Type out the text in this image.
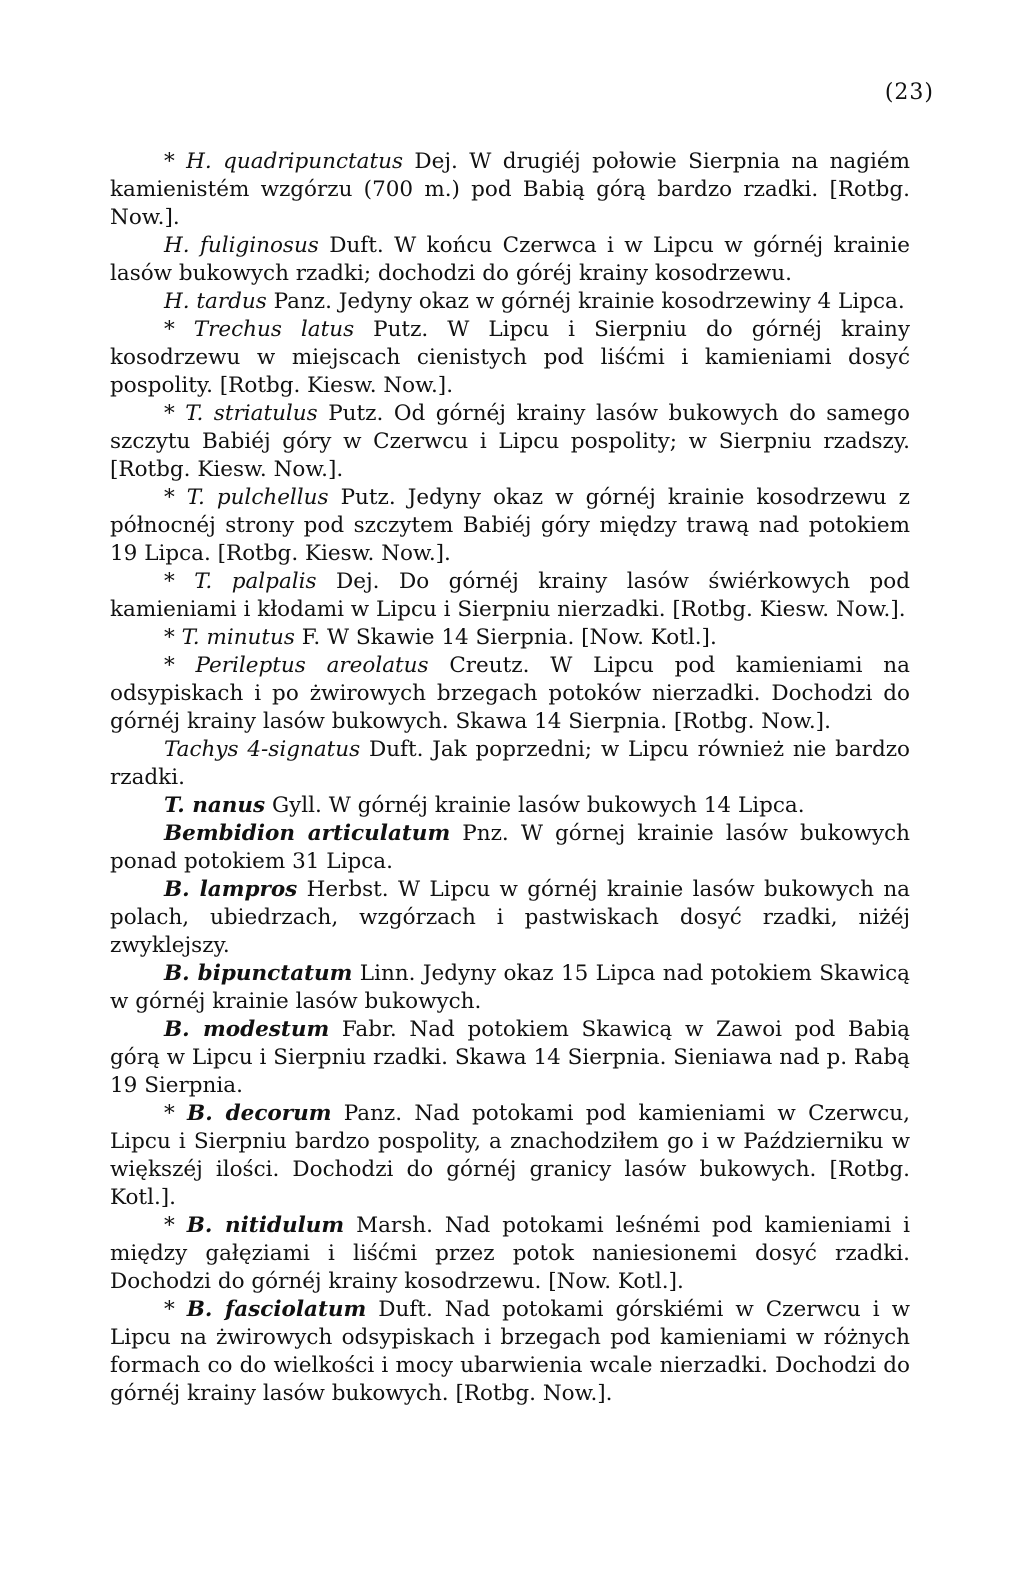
(23)

* H. quadripunctatus Dej. W drugiéj połowie Sierpnia na nagiém kamienistém wzgórzu (700 m.) pod Babią górą bardzo rzadki. [Rotbg. Now.].

H. fuliginosus Duft. W końcu Czerwca i w Lipcu w górnéj krainie lasów bukowych rzadki; dochodzi do góréj krainy kosodrzewu.

H. tardus Panz. Jedyny okaz w górnéj krainie kosodrzewiny 4 Lipca.

* Trechus latus Putz. W Lipcu i Sierpniu do górnéj krainy kosodrzewu w miejscach cienistych pod liśćmi i kamieniami dosyć pospolity. [Rotbg. Kiesw. Now.].

* T. striatulus Putz. Od górnéj krainy lasów bukowych do samego szczytu Babiéj góry w Czerwcu i Lipcu pospolity; w Sierpniu rzadszy. [Rotbg. Kiesw. Now.].

* T. pulchellus Putz. Jedyny okaz w górnéj krainie kosodrzewu z północnéj strony pod szczytem Babiéj góry między trawą nad potokiem 19 Lipca. [Rotbg. Kiesw. Now.].

* T. palpalis Dej. Do górnéj krainy lasów świérkowych pod kamieniami i kłodami w Lipcu i Sierpniu nierzadki. [Rotbg. Kiesw. Now.].

* T. minutus F. W Skawie 14 Sierpnia. [Now. Kotl.].

* Perileptus areolatus Creutz. W Lipcu pod kamieniami na odsypiskach i po żwirowych brzegach potoków nierzadki. Dochodzi do górnéj krainy lasów bukowych. Skawa 14 Sierpnia. [Rotbg. Now.].

Tachys 4-signatus Duft. Jak poprzedni; w Lipcu również nie bardzo rzadki.

T. nanus Gyll. W górnéj krainie lasów bukowych 14 Lipca.

Bembidion articulatum Pnz. W górnej krainie lasów bukowych ponad potokiem 31 Lipca.

B. lampros Herbst. W Lipcu w górnéj krainie lasów bukowych na polach, ubiedrzach, wzgórzach i pastwiskach dosyć rzadki, niżéj zwyklejszy.

B. bipunctatum Linn. Jedyny okaz 15 Lipca nad potokiem Skawicą w górnéj krainie lasów bukowych.

B. modestum Fabr. Nad potokiem Skawicą w Zawoi pod Babią górą w Lipcu i Sierpniu rzadki. Skawa 14 Sierpnia. Sieniawa nad p. Rabą 19 Sierpnia.

* B. decorum Panz. Nad potokami pod kamieniami w Czerwcu, Lipcu i Sierpniu bardzo pospolity, a znachodziłem go i w Październiku w większéj ilości. Dochodzi do górnéj granicy lasów bukowych. [Rotbg. Kotl.].

* B. nitidulum Marsh. Nad potokami leśnémi pod kamieniami i między gałęziami i liśćmi przez potok naniesionemi dosyć rzadki. Dochodzi do górnéj krainy kosodrzewu. [Now. Kotl.].

* B. fasciolatum Duft. Nad potokami górskiémi w Czerwcu i w Lipcu na żwirowych odsypiskach i brzegach pod kamieniami w różnych formach co do wielkości i mocy ubarwienia wcale nierzadki. Dochodzi do górnéj krainy lasów bukowych. [Rotbg. Now.].
